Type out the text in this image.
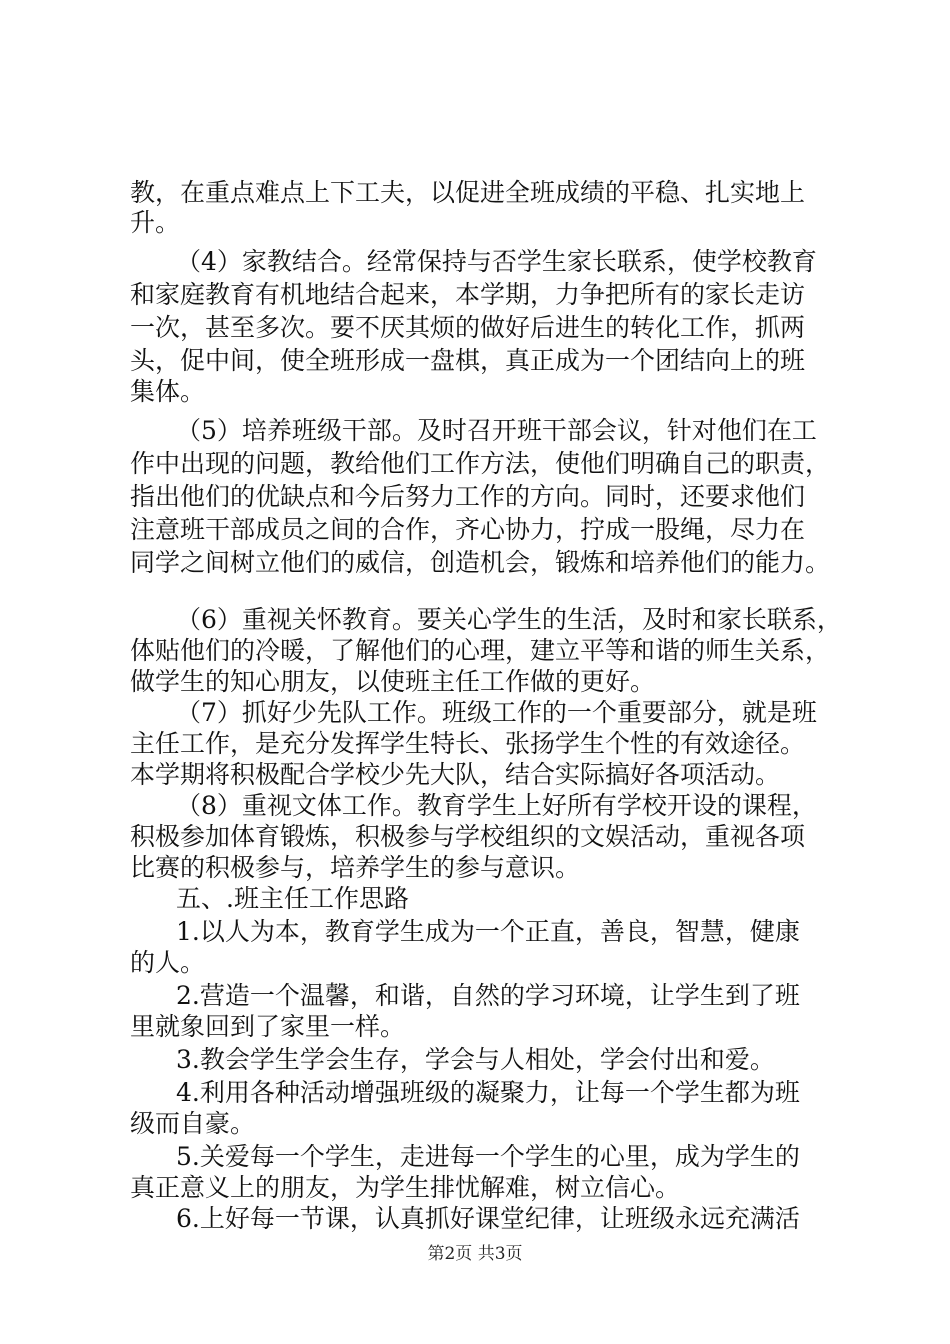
教，在重点难点上下工夫，以促进全班成绩的平稳、扎实地上
升。
（4）家教结合。经常保持与否学生家长联系，使学校教育
和家庭教育有机地结合起来，本学期，力争把所有的家长走访
一次，甚至多次。要不厌其烦的做好后进生的转化工作，抓两
头，促中间，使全班形成一盘棋，真正成为一个团结向上的班
集体。
（5）培养班级干部。及时召开班干部会议，针对他们在工
作中出现的问题，教给他们工作方法，使他们明确自己的职责，
指出他们的优缺点和今后努力工作的方向。同时，还要求他们
注意班干部成员之间的合作，齐心协力，拧成一股绳，尽力在
同学之间树立他们的威信，创造机会，锻炼和培养他们的能力。
（6）重视关怀教育。要关心学生的生活，及时和家长联系，
体贴他们的冷暖，了解他们的心理，建立平等和谐的师生关系，
做学生的知心朋友，以使班主任工作做的更好。
（7）抓好少先队工作。班级工作的一个重要部分，就是班
主任工作，是充分发挥学生特长、张扬学生个性的有效途径。
本学期将积极配合学校少先大队，结合实际搞好各项活动。
（8）重视文体工作。教育学生上好所有学校开设的课程，
积极参加体育锻炼，积极参与学校组织的文娱活动，重视各项
比赛的积极参与，培养学生的参与意识。
五、.班主任工作思路
1.以人为本，教育学生成为一个正直，善良，智慧，健康
的人。
2.营造一个温馨，和谐，自然的学习环境，让学生到了班
里就象回到了家里一样。
3.教会学生学会生存，学会与人相处，学会付出和爱。
4.利用各种活动增强班级的凝聚力，让每一个学生都为班
级而自豪。
5.关爱每一个学生，走进每一个学生的心里，成为学生的
真正意义上的朋友，为学生排忧解难，树立信心。
6.上好每一节课，认真抓好课堂纪律，让班级永远充满活
第2页 共3页
